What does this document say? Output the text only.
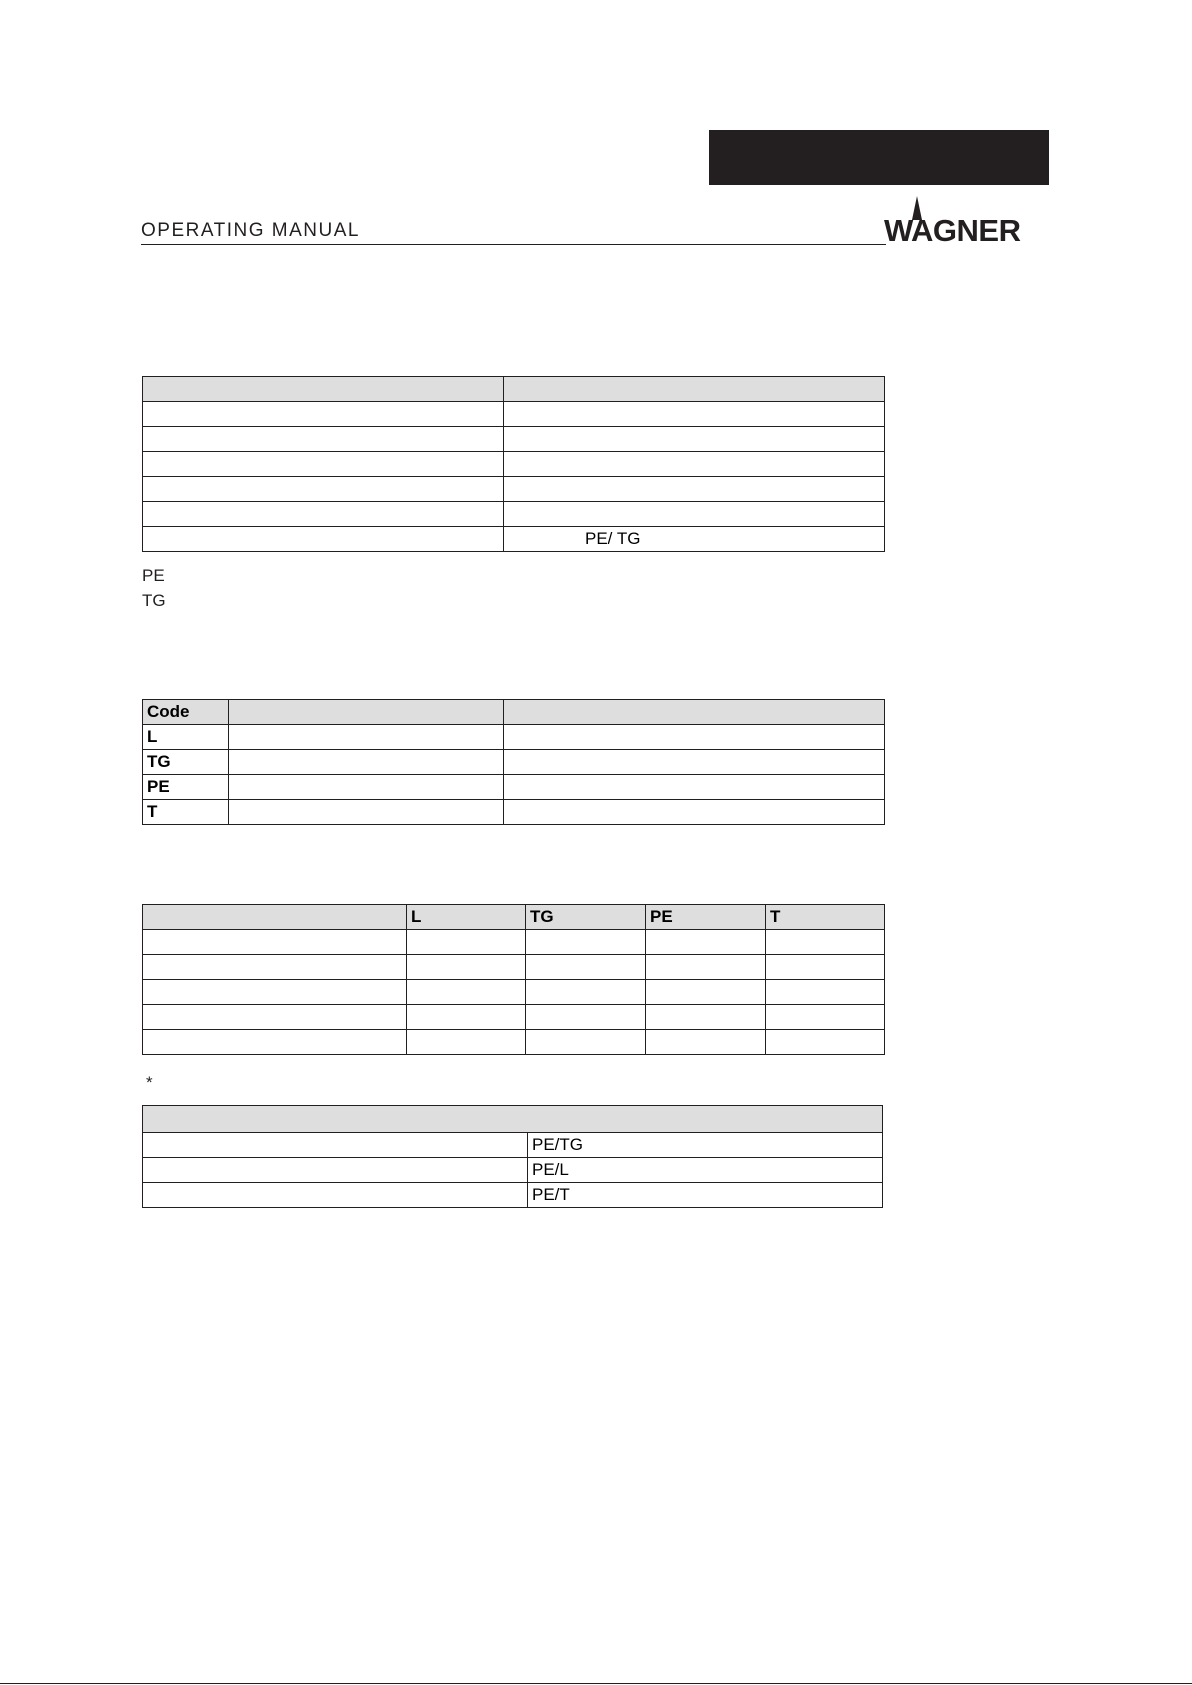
OPERATING MANUAL	WAGNER

	PE/ TG
PE
TG
Code		
L		
TG		
PE		
T		
	L	TG	PE	T

*

	PE/TG
	PE/L
	PE/T
